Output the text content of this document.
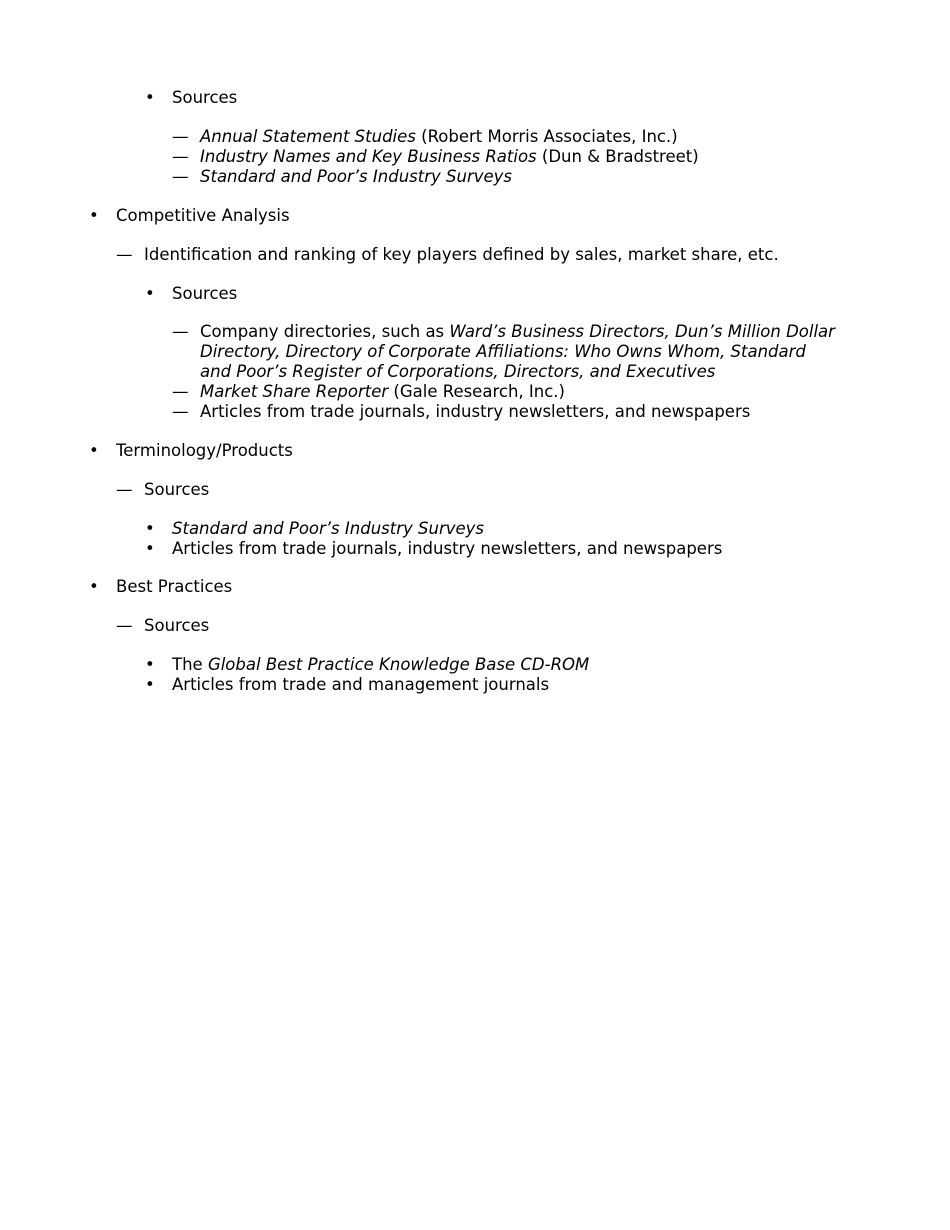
•	Sources
— Annual Statement Studies (Robert Morris Associates, Inc.)
— Industry Names and Key Business Ratios (Dun & Bradstreet)
— Standard and Poor’s Industry Surveys
•	Competitive Analysis
— Identification and ranking of key players defined by sales, market share, etc.
•	Sources
— Company directories, such as Ward’s Business Directors, Dun’s Million Dollar
Directory, Directory of Corporate Affiliations: Who Owns Whom, Standard
and Poor’s Register of Corporations, Directors, and Executives
— Market Share Reporter (Gale Research, Inc.)
— Articles from trade journals, industry newsletters, and newspapers
•	Terminology/Products
— Sources
•	Standard and Poor’s Industry Surveys
•	Articles from trade journals, industry newsletters, and newspapers
•	Best Practices
— Sources
•	The Global Best Practice Knowledge Base CD-ROM
•	Articles from trade and management journals
